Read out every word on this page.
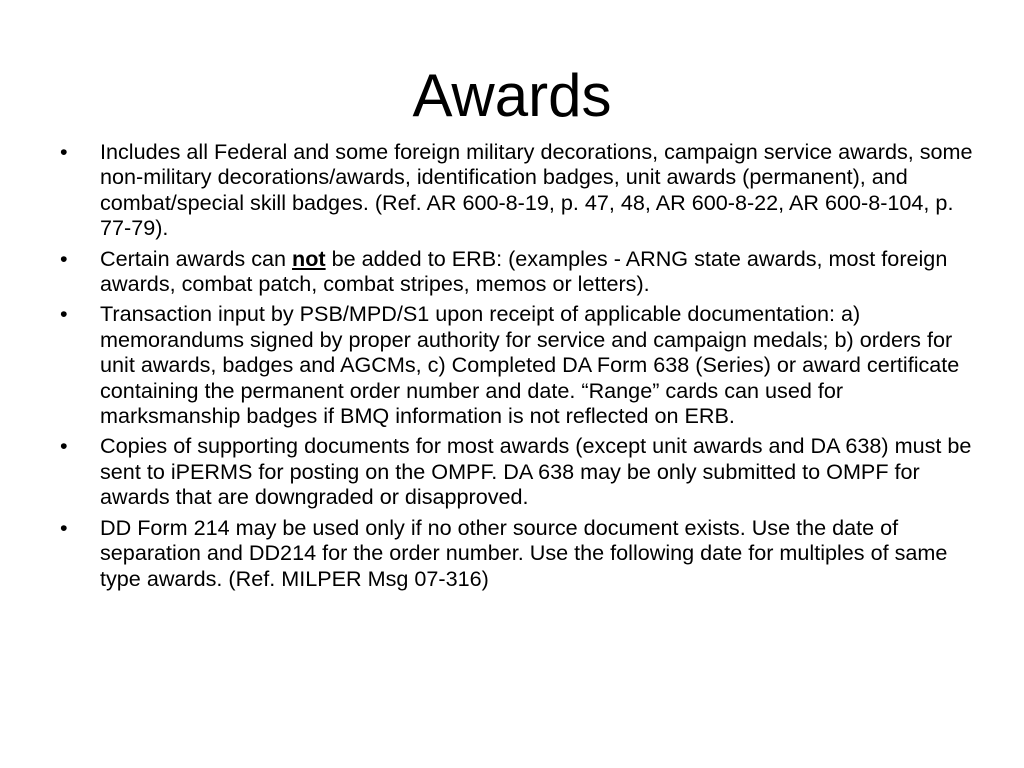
Awards
• Includes all Federal and some foreign military decorations, campaign service awards, some non-military decorations/awards, identification badges, unit awards (permanent), and combat/special skill badges. (Ref. AR 600-8-19, p. 47, 48, AR 600-8-22, AR 600-8-104, p. 77-79).
• Certain awards can not be added to ERB: (examples - ARNG state awards, most foreign awards, combat patch, combat stripes, memos or letters).
• Transaction input by PSB/MPD/S1 upon receipt of applicable documentation: a) memorandums signed by proper authority for service and campaign medals; b) orders for unit awards, badges and AGCMs, c) Completed DA Form 638 (Series) or award certificate containing the permanent order number and date. “Range” cards can used for marksmanship badges if BMQ information is not reflected on ERB.
• Copies of supporting documents for most awards (except unit awards and DA 638) must be sent to iPERMS for posting on the OMPF. DA 638 may be only submitted to OMPF for awards that are downgraded or disapproved.
• DD Form 214 may be used only if no other source document exists. Use the date of separation and DD214 for the order number. Use the following date for multiples of same type awards. (Ref. MILPER Msg 07-316)
